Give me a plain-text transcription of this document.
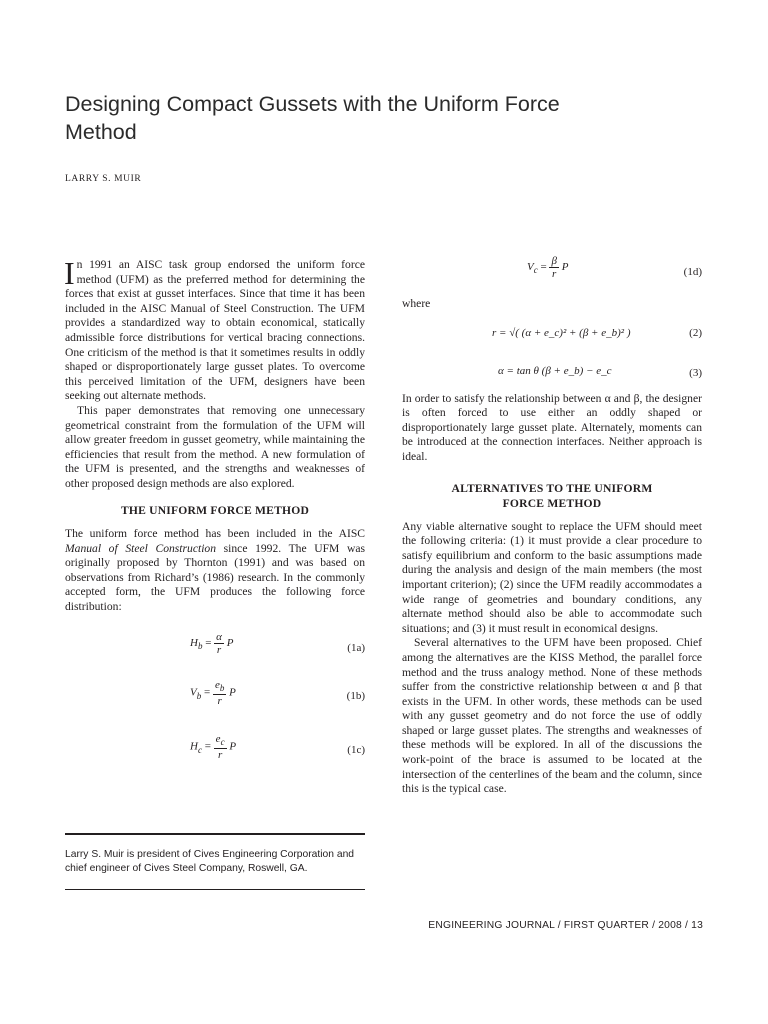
Designing Compact Gussets with the Uniform Force Method
LARRY S. MUIR

I n 1991 an AISC task group endorsed the uniform force method (UFM) as the preferred method for determining the forces that exist at gusset interfaces. Since that time it has been included in the AISC Manual of Steel Construction. The UFM provides a standardized way to obtain economical, statically admissible force distributions for vertical bracing connections. One criticism of the method is that it sometimes results in oddly shaped or disproportionately large gusset plates. To overcome this perceived limitation of the UFM, designers have been seeking out alternate methods.

This paper demonstrates that removing one unnecessary geometrical constraint from the formulation of the UFM will allow greater freedom in gusset geometry, while maintaining the efficiencies that result from the method. A new formulation of the UFM is presented, and the strengths and weaknesses of other proposed design methods are also explored.

THE UNIFORM FORCE METHOD

The uniform force method has been included in the AISC Manual of Steel Construction since 1992. The UFM was originally proposed by Thornton (1991) and was based on observations from Richard’s (1986) research. In the commonly accepted form, the UFM produces the following force distribution:

$H_b = \frac{\alpha}{r}$ P	(1a)
$V_b = \frac{e_b}{r}$ P	(1b)
$H_c = \frac{e_c}{r}$ P	(1c)
$V_c = \frac{\beta}{r}$ P	(1d)

where

r = √( (α + e_c)² + (β + e_b)² )	(2)
α = tan θ (β + e_b) − e_c	(3)

In order to satisfy the relationship between α and β, the designer is often forced to use either an oddly shaped or disproportionately large gusset plate. Alternately, moments can be introduced at the connection interfaces. Neither approach is ideal.

ALTERNATIVES TO THE UNIFORM
FORCE METHOD

Any viable alternative sought to replace the UFM should meet the following criteria: (1) it must provide a clear procedure to satisfy equilibrium and conform to the basic assumptions made during the analysis and design of the main members (the most important criterion); (2) since the UFM readily accommodates a wide range of geometries and boundary conditions, any alternate method should also be able to accommodate such situations; and (3) it must result in economical designs.

Several alternatives to the UFM have been proposed. Chief among the alternatives are the KISS Method, the parallel force method and the truss analogy method. None of these methods suffer from the constrictive relationship between α and β that exists in the UFM. In other words, these methods can be used with any gusset geometry and do not force the use of oddly shaped or large gusset plates. The strengths and weaknesses of these methods will be explored. In all of the discussions the work-point of the brace is assumed to be located at the intersection of the centerlines of the beam and the column, since this is the typical case.

Larry S. Muir is president of Cives Engineering Corporation and chief engineer of Cives Steel Company, Roswell, GA.
ENGINEERING JOURNAL / FIRST QUARTER / 2008 / 13
